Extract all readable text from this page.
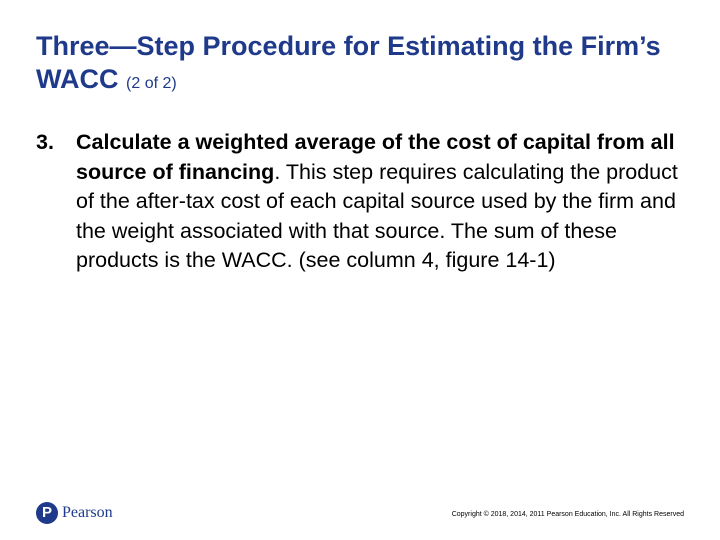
Three—Step Procedure for Estimating the Firm’s WACC (2 of 2)
3.	Calculate a weighted average of the cost of capital from all source of financing. This step requires calculating the product of the after-tax cost of each capital source used by the firm and the weight associated with that source. The sum of these products is the WACC. (see column 4, figure 14-1)
P Pearson	Copyright © 2018, 2014, 2011 Pearson Education, Inc. All Rights Reserved
